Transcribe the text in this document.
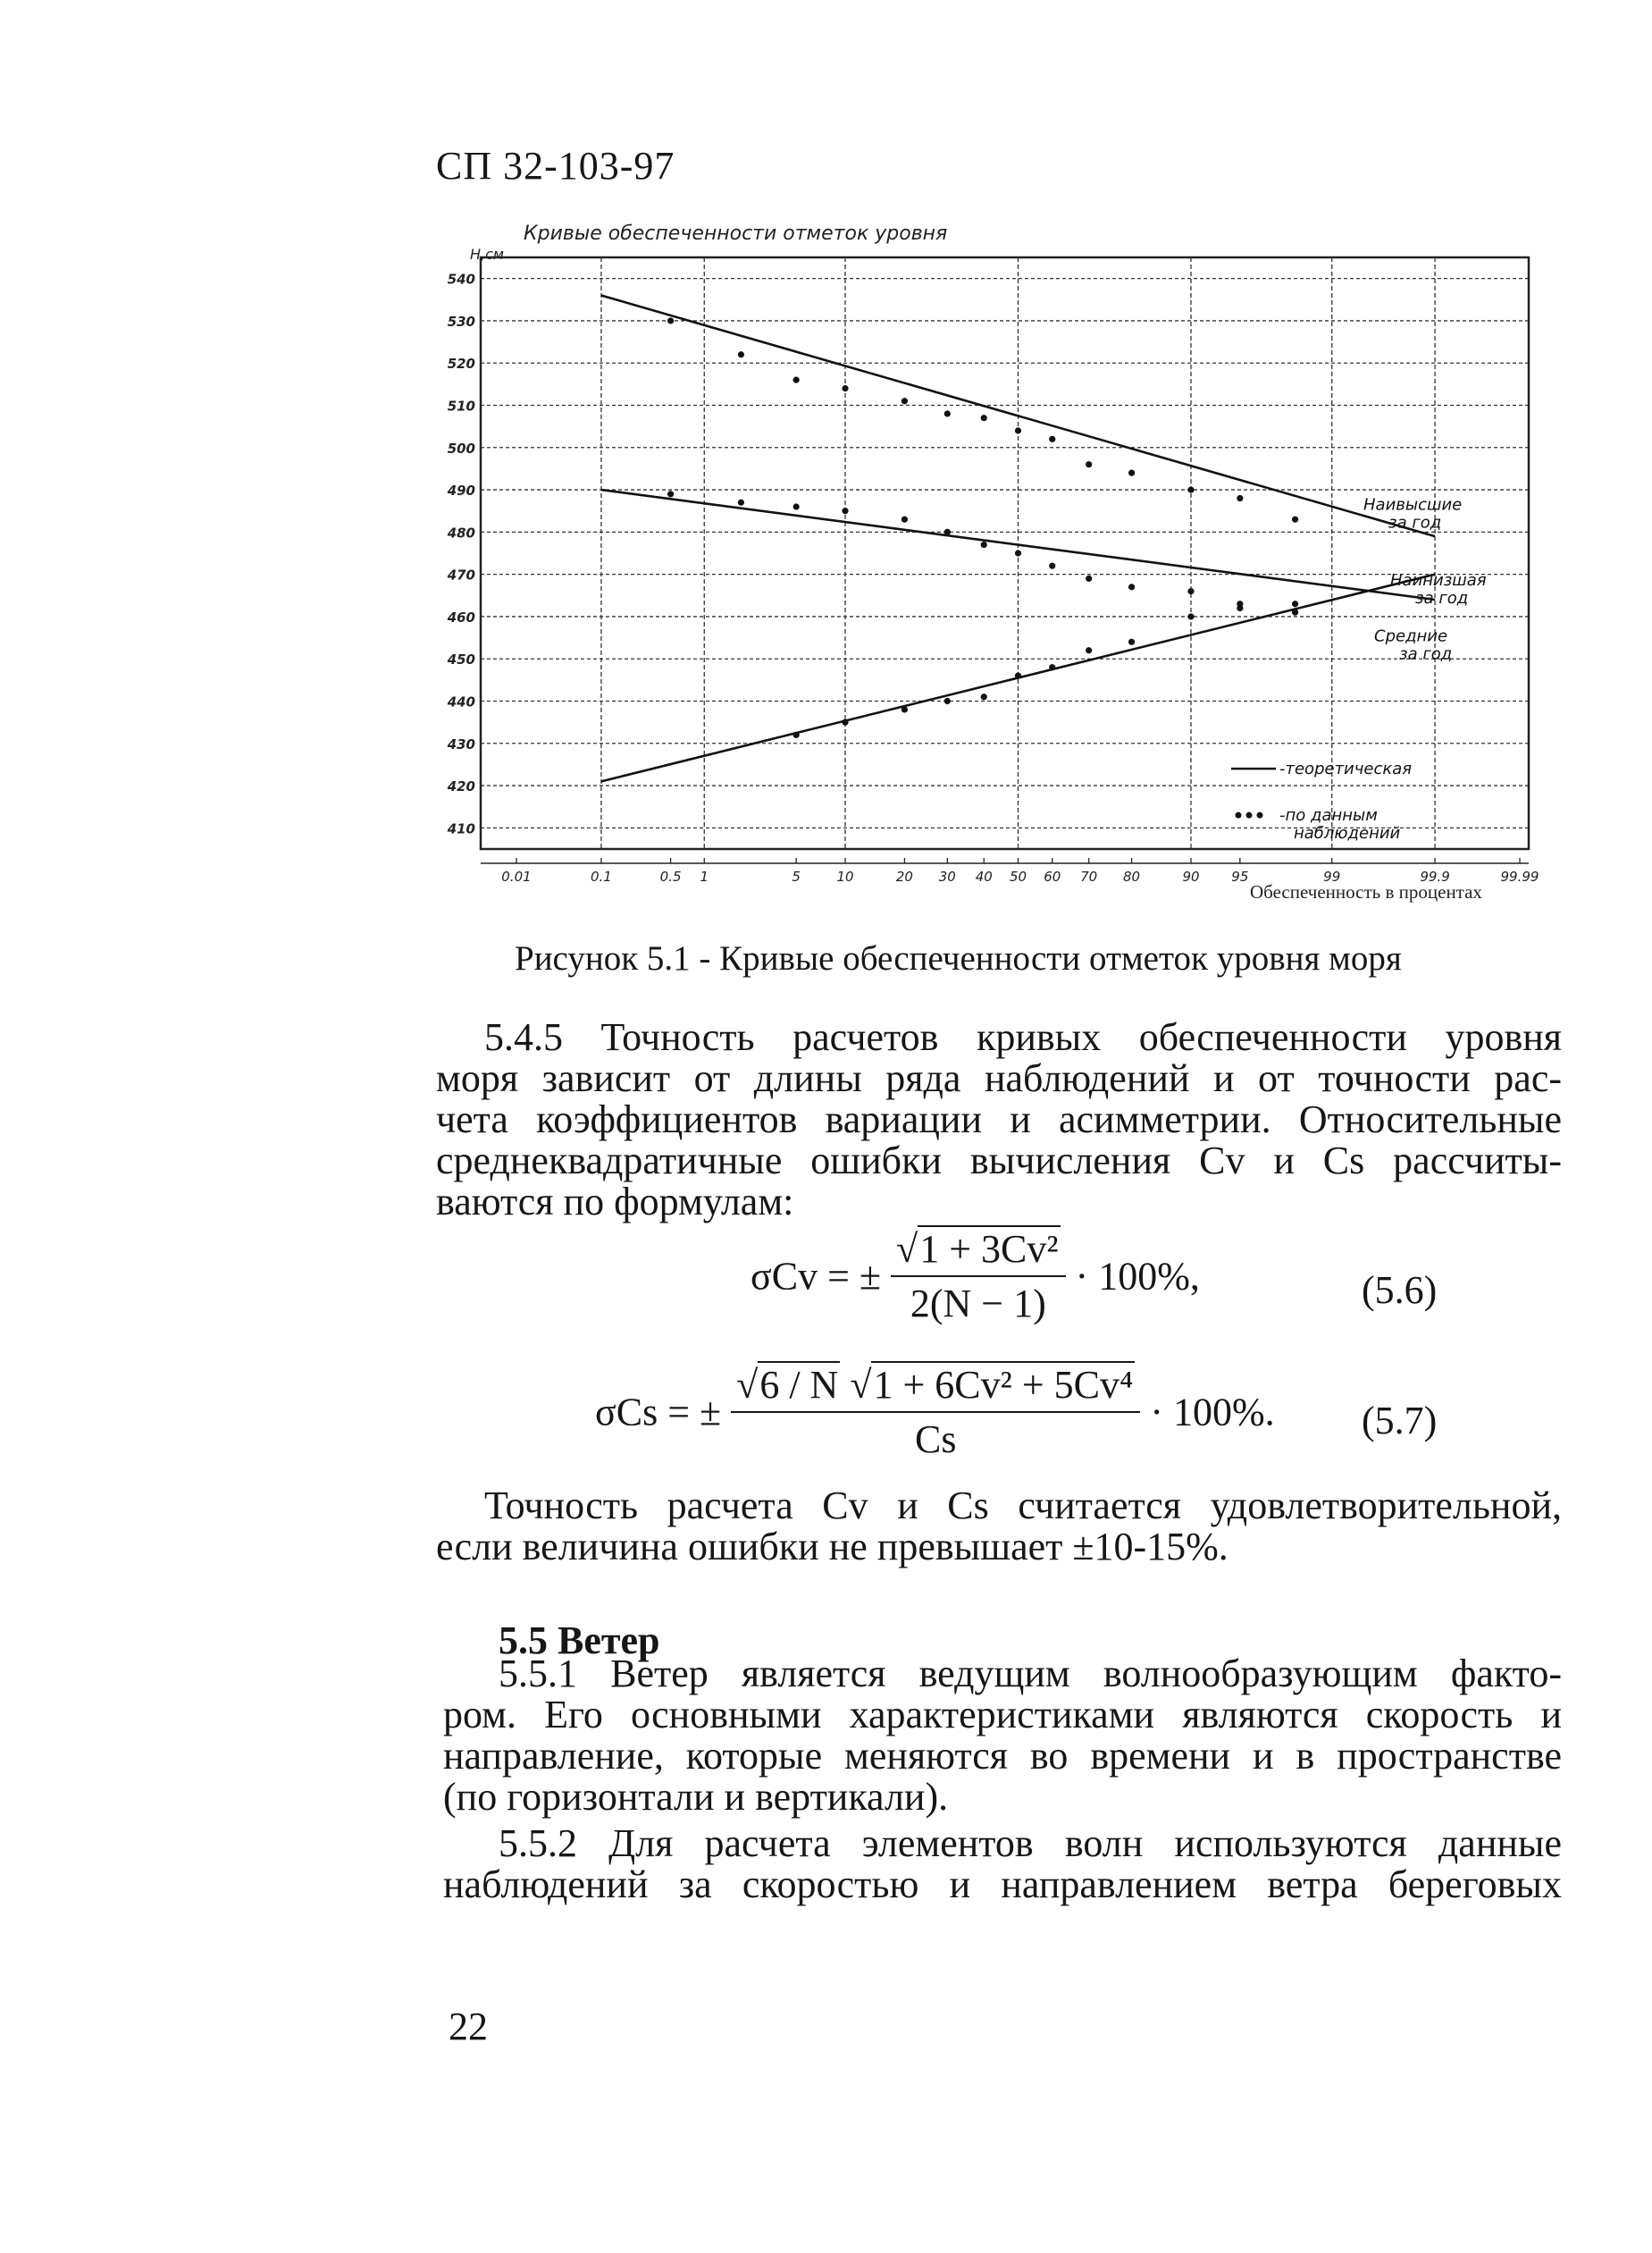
СП 32-103-97
Кривые обеспеченности отметок уровня
H,см
540
530
520
510
500
490
480
470
460
450
440
430
420
410
0.01	0.1	0.5 1	5	10	20 30 40 50 60 70 80	90 95	99	99.9	99.99
Наивысшие
за год
Наинизшая
за год
Средние
за год
-теоретическая
-по данным
наблюдений
Обеспеченность в процентах
Рисунок 5.1 - Кривые обеспеченности отметок уровня моря
5.4.5 Точность расчетов кривых обеспеченности уровня
моря зависит от длины ряда наблюдений и от точности рас-
чета коэффициентов вариации и асимметрии. Относительные
среднеквадратичные ошибки вычисления Cv и Cs рассчиты-
ваются по формулам:
σCv = ± $\frac{\text{√1 + 3Cv²}}{2(N - 1)} \cdot 100\%$,	(5.6)
σCs = ± $\frac{\text{√6 / N √1 + 6Cv² + 5Cv⁴}}{Cs} \cdot 100\%$. (5.7)
Точность расчета Cv и Cs считается удовлетворительной,
если величина ошибки не превышает ±10-15%.
5.5 Ветер
5.5.1 Ветер является ведущим волнообразующим факто-
ром. Его основными характеристиками являются скорость и
направление, которые меняются во времени и в пространстве
(по горизонтали и вертикали).
5.5.2 Для расчета элементов волн используются данные
наблюдений за скоростью и направлением ветра береговых
22
